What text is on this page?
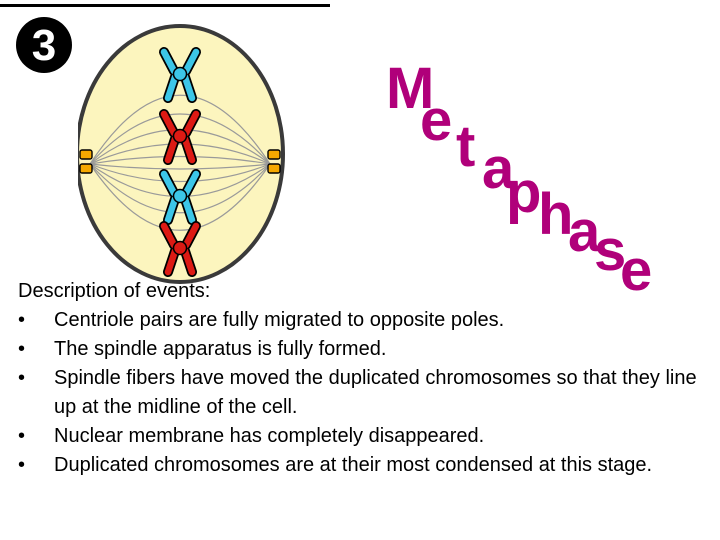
3
M
e t a
p
h
a
s
e

Description of events:

• Centriole pairs are fully migrated to opposite poles.
• The spindle apparatus is fully formed.
• Spindle fibers have moved the duplicated chromosomes so that they line up at the midline of the cell.
• Nuclear membrane has completely disappeared.
• Duplicated chromosomes are at their most condensed at this stage.
